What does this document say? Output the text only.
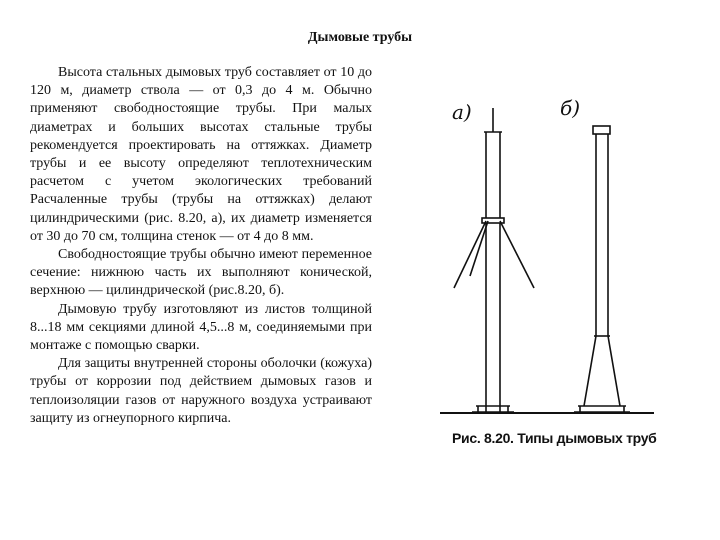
Дымовые трубы

Высота стальных дымовых труб составляет от 10 до 120 м, диаметр ствола — от 0,3 до 4 м. Обычно применяют свободностоящие трубы. При малых диаметрах и больших высотах стальные трубы рекомендуется проектировать на оттяжках. Диаметр трубы и ее высоту определяют теплотехническим расчетом с учетом экологических требований Расчаленные трубы (трубы на оттяжках) делают цилиндрическими (рис. 8.20, а), их диаметр изменяется от 30 до 70 см, толщина стенок — от 4 до 8 мм.

Свободностоящие трубы обычно имеют переменное сечение: нижнюю часть их выполняют конической, верхнюю — цилиндрической (рис.8.20, б).

Дымовую трубу изготовляют из листов толщиной 8...18 мм секциями длиной 4,5...8 м, соединяемыми при монтаже с помощью сварки.

Для защиты внутренней стороны оболочки (кожуха) трубы от коррозии под действием дымовых газов и теплоизоляции газов от наружного воздуха устраивают защиту из огнеупорного кирпича.

а)	б)
Рис. 8.20. Типы дымовых труб
